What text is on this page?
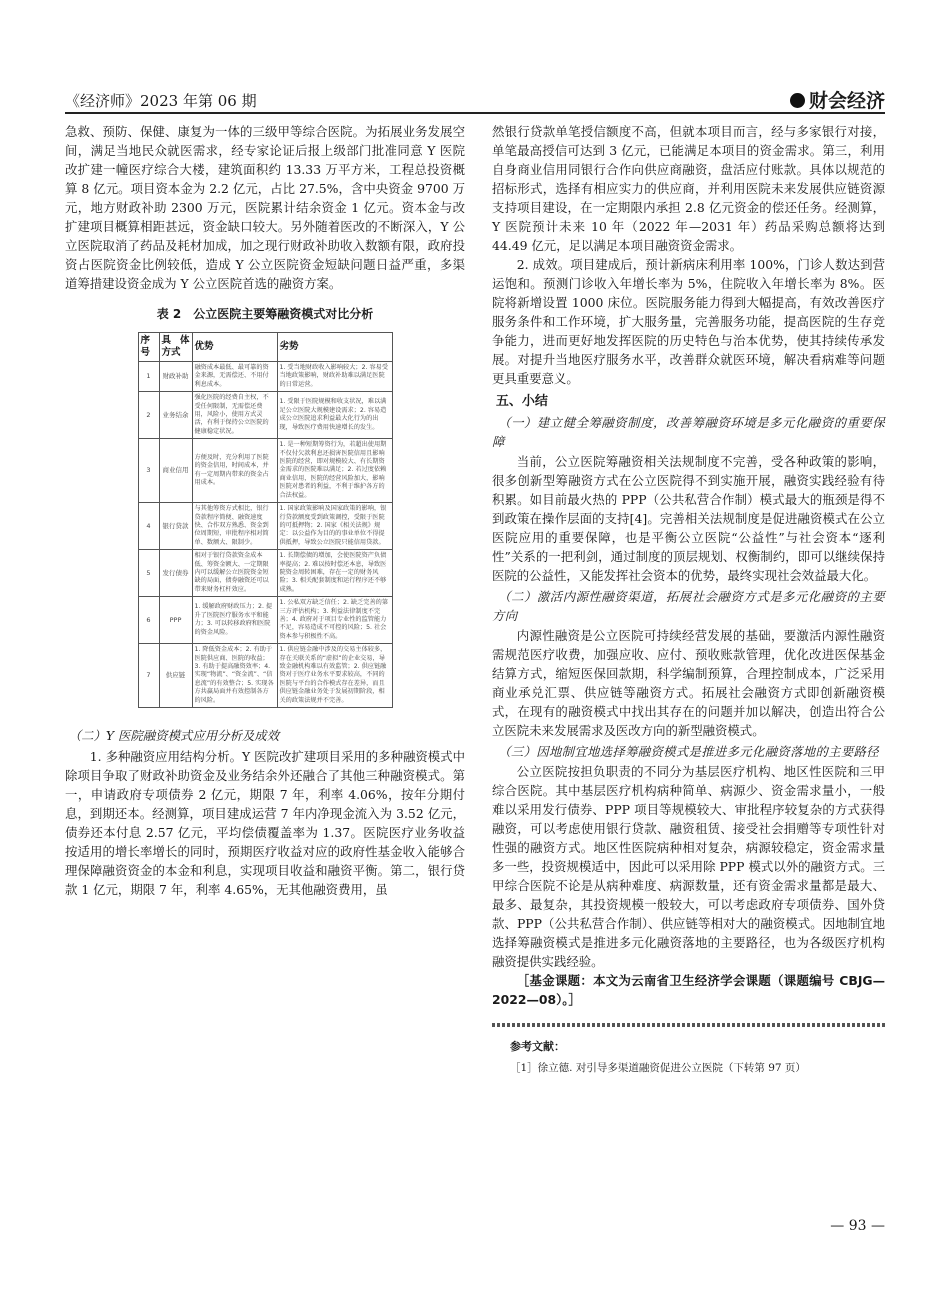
《经济师》2023 年第 06 期	财会经济

急救、预防、保健、康复为一体的三级甲等综合医院。为拓展业务发展空间，满足当地民众就医需求，经专家论证后报上级部门批准同意 Y 医院改扩建一幢医疗综合大楼，建筑面积约 13.33 万平方米，工程总投资概算 8 亿元。项目资本金为 2.2 亿元，占比 27.5%，含中央资金 9700 万元，地方财政补助 2300 万元，医院累计结余资金 1 亿元。资本金与改扩建项目概算相距甚远，资金缺口较大。另外随着医改的不断深入，Y 公立医院取消了药品及耗材加成，加之现行财政补助收入数额有限，政府投资占医院资金比例较低，造成 Y 公立医院资金短缺问题日益严重，多渠道筹措建设资金成为 Y 公立医院首选的融资方案。

表 2　公立医院主要筹融资模式对比分析
序号	具体方式	优势	劣势
1	财政补助	融资成本最低、最可靠的资金来源，无需偿还、不用付利息成本。	1. 受当地财政收入影响较大；2. 容易受当地政策影响，财政补助难以满足医院的日常运营。
2	业务结余	强化医院的经费自主权，不受任何限制，无需偿还费用，风险小，使用方式灵活，有利于保持公立医院的健康稳定状况。	1. 受限于医院规模和收支状况，难以满足公立医院大规模建设需求；2. 容易造成公立医院追求利益最大化行为的出现，导致医疗费用快速增长的发生。
3	商业信用	方便及时，充分利用了医院的资金信用，时间成本，并有一定周期内带来的资金占用成本。	1. 是一种短期筹资行为，若超出使用期不仅付欠款利息还损害医院信用且影响医院的经营，即对规模较大、有长期资金需求的医院难以满足；2. 若过度依赖商业信用，医院的经营风险加大，影响医院对患者的利益，不利于维护各方的合法权益。
4	银行贷款	与其他筹资方式相比，银行贷款程序简便、融资速度快、合作双方熟悉、资金到位周期短，审批程序相对简单、数额大、限制少。	1. 国家政策影响及国家政策的影响，银行贷款额度受到政策调控，受限于医院的可抵押物；2. 国家《相关法规》规定：以公益作为目的的事业单位不得提供抵押，导致公立医院只能信用贷款。
5	发行债券	相对于银行贷款资金成本低、筹资金额大、一定期限内可以缓解公立医院资金短缺的局面，债券融资还可以带来财务杠杆效应。	1. 长期偿债的增加，会使医院资产负债率提高；2. 难以按时偿还本息，导致医院资金周转困难，存在一定的财务风险；3. 相关配套制度和运行程序还不够成熟。
6	PPP	1. 缓解政府财政压力；2. 提升了医院医疗服务水平和能力；3. 可以转移政府和医院的资金风险。	1. 公私双方缺乏信任；2. 缺乏完善的第三方评估机构；3. 利益法律制度不完善；4. 政府对于项目专业性的监管能力不足，容易造成不可控的风险；5. 社会资本参与积极性不高。
7	供应链	1. 降低资金成本；2. 有助于医院供应商、医院的收益；3. 有助于提高融资效率；4. 实现“物流”、“资金流”、“信息流”的有效整合；5. 实现各方共赢局面并有效控制各方的风险。	1. 供应链金融中涉及的交易主体较多，存在关联关系的“虚拟”的企业交易，导致金融机构难以有效监管；2. 供应链融资对于医疗业务水平要求较高，不同的医院与平台的合作模式存在差异，而且供应链金融业务处于发展初期阶段，相关的政策法规并不完善。
（二）Y 医院融资模式应用分析及成效

1. 多种融资应用结构分析。Y 医院改扩建项目采用的多种融资模式中除项目争取了财政补助资金及业务结余外还融合了其他三种融资模式。第一，申请政府专项债券 2 亿元，期限 7 年，利率 4.06%，按年分期付息，到期还本。经测算，项目建成运营 7 年内净现金流入为 3.52 亿元，债券还本付息 2.57 亿元，平均偿债覆盖率为 1.37。医院医疗业务收益按适用的增长率增长的同时，预期医疗收益对应的政府性基金收入能够合理保障融资资金的本金和利息，实现项目收益和融资平衡。第二，银行贷款 1 亿元，期限 7 年，利率 4.65%，无其他融资费用，虽

然银行贷款单笔授信额度不高，但就本项目而言，经与多家银行对接，单笔最高授信可达到 3 亿元，已能满足本项目的资金需求。第三，利用自身商业信用同银行合作向供应商融资，盘活应付账款。具体以规范的招标形式，选择有相应实力的供应商，并利用医院未来发展供应链资源支持项目建设，在一定期限内承担 2.8 亿元资金的偿还任务。经测算，Y 医院预计未来 10 年（2022 年—2031 年）药品采购总额将达到 44.49 亿元，足以满足本项目融资资金需求。

2. 成效。项目建成后，预计新病床利用率 100%，门诊人数达到营运饱和。预测门诊收入年增长率为 5%，住院收入年增长率为 8%。医院将新增设置 1000 床位。医院服务能力得到大幅提高，有效改善医疗服务条件和工作环境，扩大服务量，完善服务功能，提高医院的生存竞争能力，进而更好地发挥医院的历史特色与治本优势，使其持续传承发展。对提升当地医疗服务水平，改善群众就医环境，解决看病难等问题更具重要意义。

五、小结
（一）建立健全筹融资制度，改善筹融资环境是多元化融资的重要保障

当前，公立医院筹融资相关法规制度不完善，受各种政策的影响，很多创新型筹融资方式在公立医院得不到实施开展，融资实践经验有待积累。如目前最火热的 PPP（公共私营合作制）模式最大的瓶颈是得不到政策在操作层面的支持[4]。完善相关法规制度是促进融资模式在公立医院应用的重要保障，也是平衡公立医院“公益性”与社会资本“逐利性”关系的一把利剑，通过制度的顶层规划、权衡制约，即可以继续保持医院的公益性，又能发挥社会资本的优势，最终实现社会效益最大化。

（二）激活内源性融资渠道，拓展社会融资方式是多元化融资的主要方向

内源性融资是公立医院可持续经营发展的基础，要激活内源性融资需规范医疗收费，加强应收、应付、预收账款管理，优化改进医保基金结算方式，缩短医保回款期，科学编制预算，合理控制成本，广泛采用商业承兑汇票、供应链等融资方式。拓展社会融资方式即创新融资模式，在现有的融资模式中找出其存在的问题并加以解决，创造出符合公立医院未来发展需求及医改方向的新型融资模式。

（三）因地制宜地选择筹融资模式是推进多元化融资落地的主要路径

公立医院按担负职责的不同分为基层医疗机构、地区性医院和三甲综合医院。其中基层医疗机构病种简单、病源少、资金需求量小，一般难以采用发行债券、PPP 项目等规模较大、审批程序较复杂的方式获得融资，可以考虑使用银行贷款、融资租赁、接受社会捐赠等专项性针对性强的融资方式。地区性医院病种相对复杂，病源较稳定，资金需求量多一些，投资规模适中，因此可以采用除 PPP 模式以外的融资方式。三甲综合医院不论是从病种难度、病源数量，还有资金需求量都是最大、最多、最复杂，其投资规模一般较大，可以考虑政府专项债券、国外贷款、PPP（公共私营合作制）、供应链等相对大的融资模式。因地制宜地选择筹融资模式是推进多元化融资落地的主要路径，也为各级医疗机构融资提供实践经验。

［基金课题：本文为云南省卫生经济学会课题（课题编号 CBJG—2022—08）。］
参考文献：
［1］徐立德. 对引导多渠道融资促进公立医院（下转第 97 页）
— 93 —
